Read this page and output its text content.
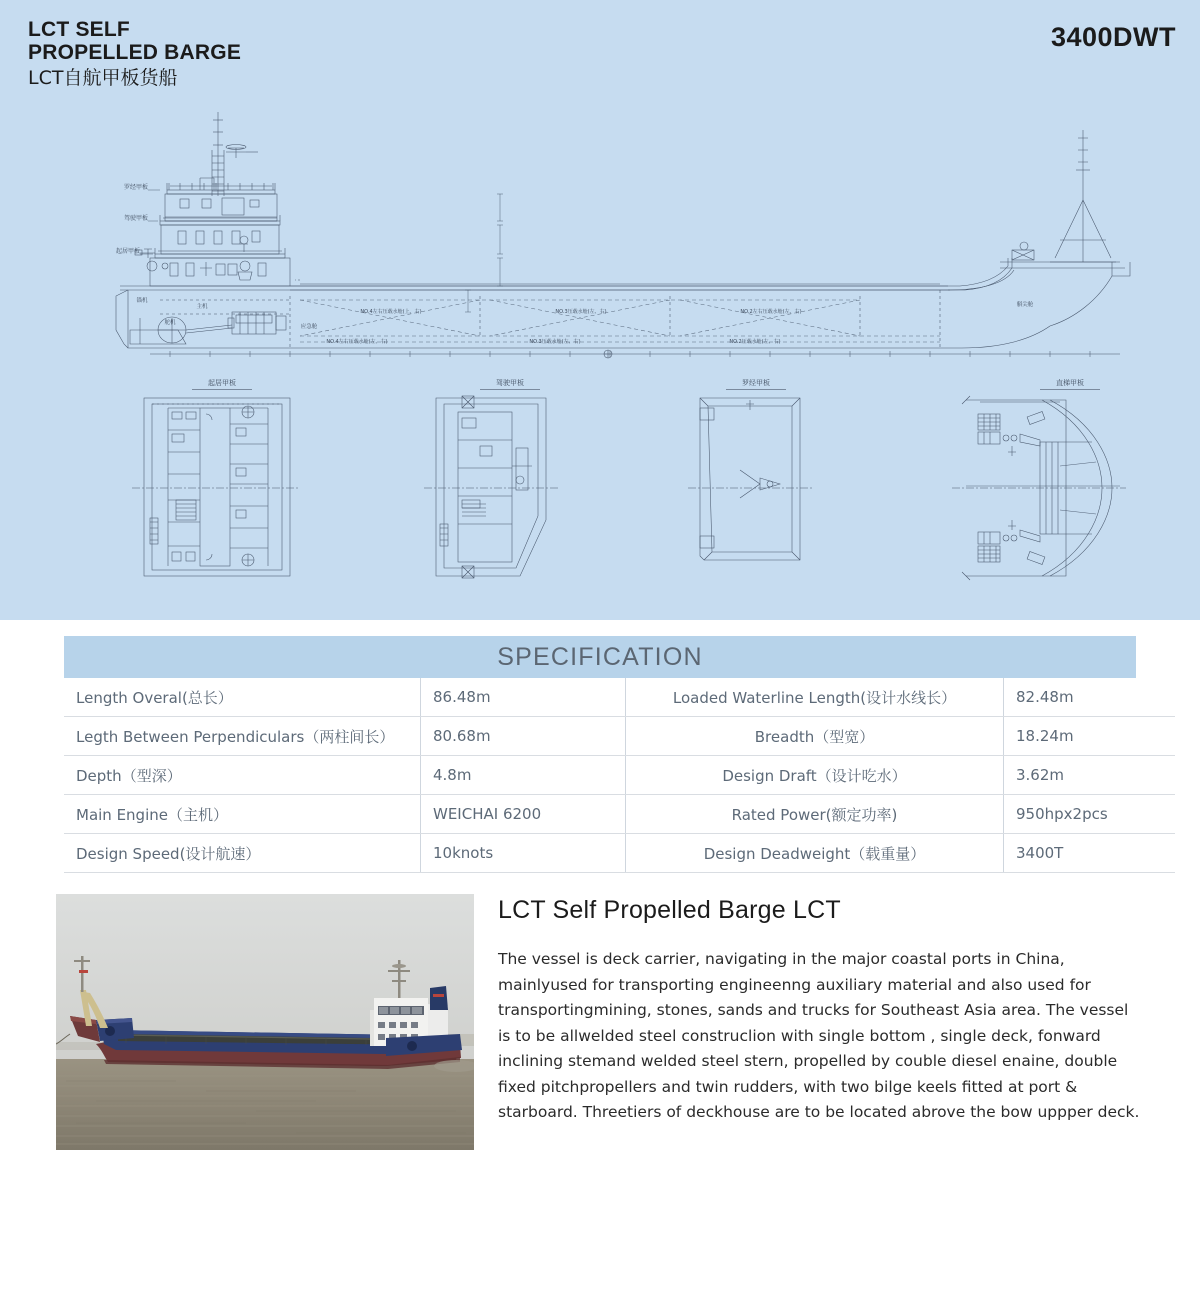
LCT SELF
PROPELLED BARGE
LCT自航甲板货船
3400DWT
起居甲板	驾驶甲板	罗经甲板	直梯甲板
罗经甲板
驾驶甲板
起居甲板
锚机
舵机
主机
应急舱
艏尖舱
NO.4左右压载水舱(上、右)	NO.3压载水舱(左、右)	NO.2左右压载水舱(左、右)
NO.4左右压载水舱(左、右)	NO.3压载水舱(左、右)	NO.2压载水舱(左、右)
SPECIFICATION
Length Overal(总长）	86.48m	Loaded Waterline Length(设计水线长）	82.48m
Legth Between Perpendiculars（两柱间长）	80.68m	Breadth（型宽）	18.24m
Depth（型深）	4.8m	Design Draft（设计吃水）	3.62m
Main Engine（主机）	WEICHAI 6200	Rated Power(额定功率)	950hpx2pcs
Design Speed(设计航速）	10knots	Design Deadweight（载重量）	3400T
LCT Self Propelled Barge LCT

The vessel is deck carrier, navigating in the major coastal ports in China, mainlyused for transporting engineenng auxiliary material and also used for transportingmining, stones, sands and trucks for Southeast Asia area. The vessel is to be allwelded steel construclion with single bottom , single deck, fonward inclining stemand welded steel stern, propelled by couble diesel enaine, double fixed pitchpropellers and twin rudders, with two bilge keels fitted at port & starboard. Threetiers of deckhouse are to be located abrove the bow uppper deck.
